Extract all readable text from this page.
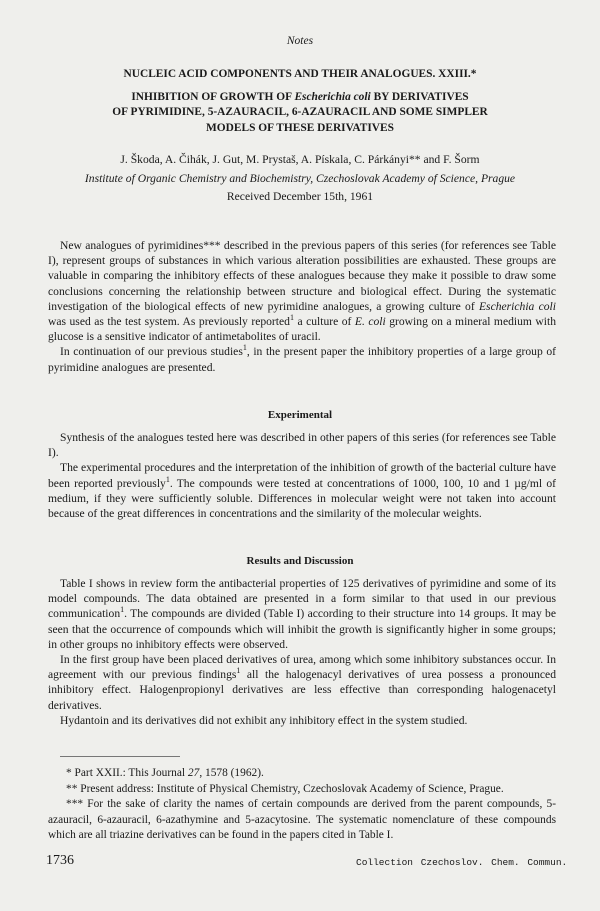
Notes
NUCLEIC ACID COMPONENTS AND THEIR ANALOGUES. XXIII.*
INHIBITION OF GROWTH OF Escherichia coli BY DERIVATIVES
OF PYRIMIDINE, 5-AZAURACIL, 6-AZAURACIL AND SOME SIMPLER
MODELS OF THESE DERIVATIVES
J. Škoda, A. Čihák, J. Gut, M. Prystaš, A. Pískala, C. Párkányi** and F. Šorm
Institute of Organic Chemistry and Biochemistry, Czechoslovak Academy of Science, Prague
Received December 15th, 1961

New analogues of pyrimidines*** described in the previous papers of this series (for references see Table I), represent groups of substances in which various alteration possibilities are exhausted. These groups are valuable in comparing the inhibitory effects of these analogues because they make it possible to draw some conclusions concerning the relationship between structure and biological effect. During the systematic investigation of the biological effects of new pyrimidine analogues, a growing culture of Escherichia coli was used as the test system. As previously reported$^1$ a culture of E. coli growing on a mineral medium with glucose is a sensitive indicator of antimetabolites of uracil.

In continuation of our previous studies$^1$, in the present paper the inhibitory properties of a large group of pyrimidine analogues are presented.

Experimental

Synthesis of the analogues tested here was described in other papers of this series (for references see Table I).

The experimental procedures and the interpretation of the inhibition of growth of the bacterial culture have been reported previously$^1$. The compounds were tested at concentrations of 1000, 100, 10 and 1 µg/ml of medium, if they were sufficiently soluble. Differences in molecular weight were not taken into account because of the great differences in concentrations and the similarity of the molecular weights.

Results and Discussion

Table I shows in review form the antibacterial properties of 125 derivatives of pyrimidine and some of its model compounds. The data obtained are presented in a form similar to that used in our previous communication$^1$. The compounds are divided (Table I) according to their structure into 14 groups. It may be seen that the occurrence of compounds which will inhibit the growth is significantly higher in some groups; in other groups no inhibitory effects were observed.

In the first group have been placed derivatives of urea, among which some inhibitory substances occur. In agreement with our previous findings$^1$ all the halogenacyl derivatives of urea possess a pronounced inhibitory effect. Halogenpropionyl derivatives are less effective than corresponding halogenacetyl derivatives.

Hydantoin and its derivatives did not exhibit any inhibitory effect in the system studied.

* Part XXII.: This Journal 27, 1578 (1962).

** Present address: Institute of Physical Chemistry, Czechoslovak Academy of Science, Prague.

*** For the sake of clarity the names of certain compounds are derived from the parent compounds, 5-azauracil, 6-azauracil, 6-azathymine and 5-azacytosine. The systematic nomenclature of these compounds which are all triazine derivatives can be found in the papers cited in Table I.

1736	Collection Czechoslov. Chem. Commun.
